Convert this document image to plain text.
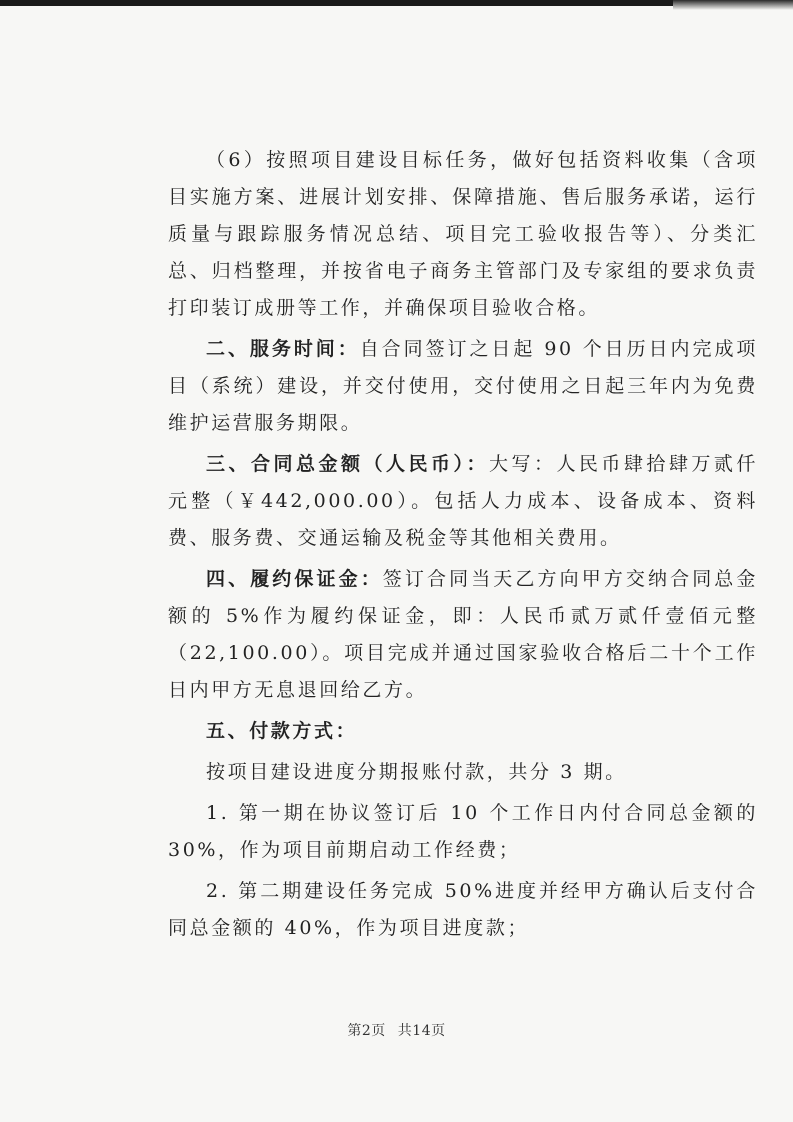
（6）按照项目建设目标任务，做好包括资料收集（含项目实施方案、进展计划安排、保障措施、售后服务承诺，运行质量与跟踪服务情况总结、项目完工验收报告等）、分类汇总、归档整理，并按省电子商务主管部门及专家组的要求负责打印装订成册等工作，并确保项目验收合格。

二、服务时间：自合同签订之日起 90 个日历日内完成项目（系统）建设，并交付使用，交付使用之日起三年内为免费维护运营服务期限。

三、合同总金额（人民币）：大写：人民币肆拾肆万贰仟元整（￥442,000.00）。包括人力成本、设备成本、资料费、服务费、交通运输及税金等其他相关费用。

四、履约保证金：签订合同当天乙方向甲方交纳合同总金额的 5%作为履约保证金，即：人民币贰万贰仟壹佰元整（22,100.00）。项目完成并通过国家验收合格后二十个工作日内甲方无息退回给乙方。

五、付款方式：

按项目建设进度分期报账付款，共分 3 期。

1. 第一期在协议签订后 10 个工作日内付合同总金额的 30%，作为项目前期启动工作经费；

2. 第二期建设任务完成 50%进度并经甲方确认后支付合同总金额的 40%，作为项目进度款；

第2页 共14页
